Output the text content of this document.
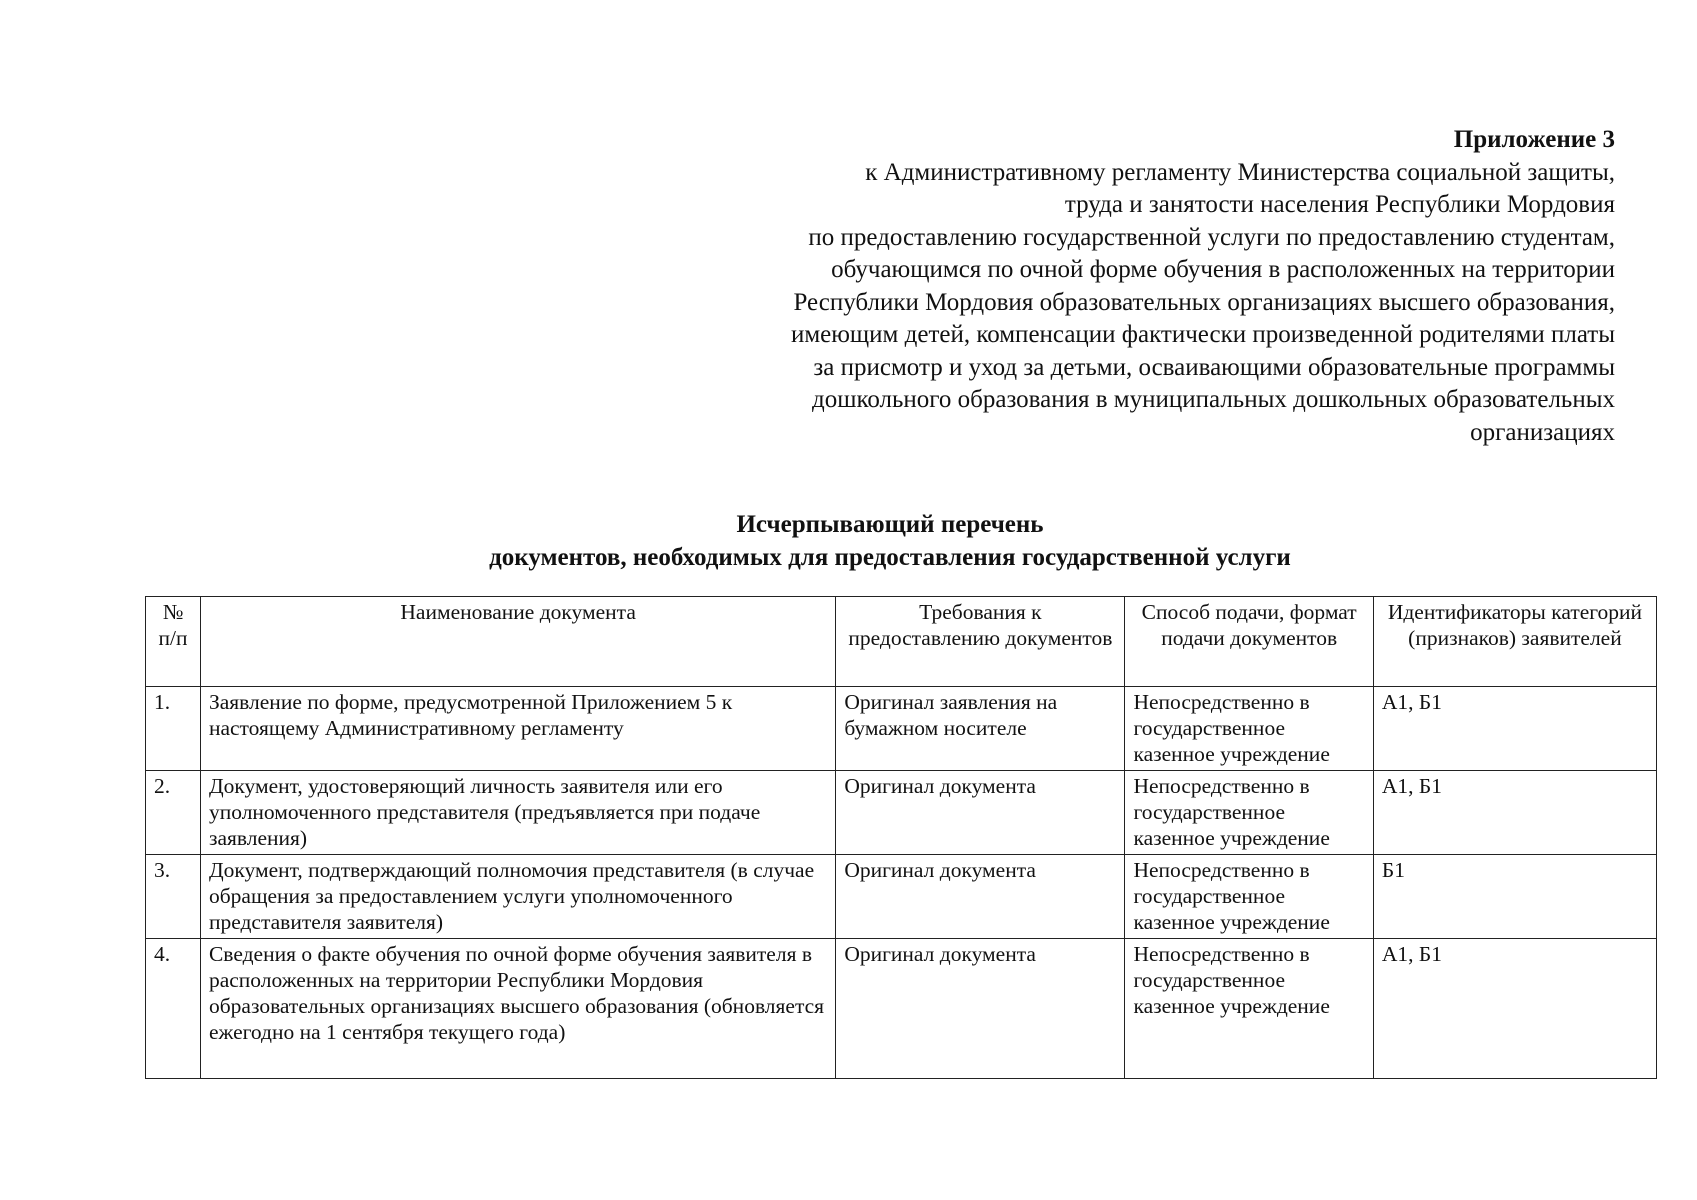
Приложение 3
к Административному регламенту Министерства социальной защиты,
труда и занятости населения Республики Мордовия
по предоставлению государственной услуги по предоставлению студентам,
обучающимся по очной форме обучения в расположенных на территории
Республики Мордовия образовательных организациях высшего образования,
имеющим детей, компенсации фактически произведенной родителями платы
за присмотр и уход за детьми, осваивающими образовательные программы
дошкольного образования в муниципальных дошкольных образовательных
организациях
Исчерпывающий перечень
документов, необходимых для предоставления государственной услуги
№ п/п	Наименование документа	Требования к предоставлению документов	Способ подачи, формат подачи документов	Идентификаторы категорий (признаков) заявителей
1.	Заявление по форме, предусмотренной Приложением 5 к настоящему Административному регламенту	Оригинал заявления на бумажном носителе	Непосредственно в государственное казенное учреждение	А1, Б1
2.	Документ, удостоверяющий личность заявителя или его уполномоченного представителя (предъявляется при подаче заявления)	Оригинал документа	Непосредственно в государственное казенное учреждение	А1, Б1
3.	Документ, подтверждающий полномочия представителя (в случае обращения за предоставлением услуги уполномоченного представителя заявителя)	Оригинал документа	Непосредственно в государственное казенное учреждение	Б1
4.	Сведения о факте обучения по очной форме обучения заявителя в расположенных на территории Республики Мордовия образовательных организациях высшего образования (обновляется ежегодно на 1 сентября текущего года)	Оригинал документа	Непосредственно в государственное казенное учреждение	А1, Б1
